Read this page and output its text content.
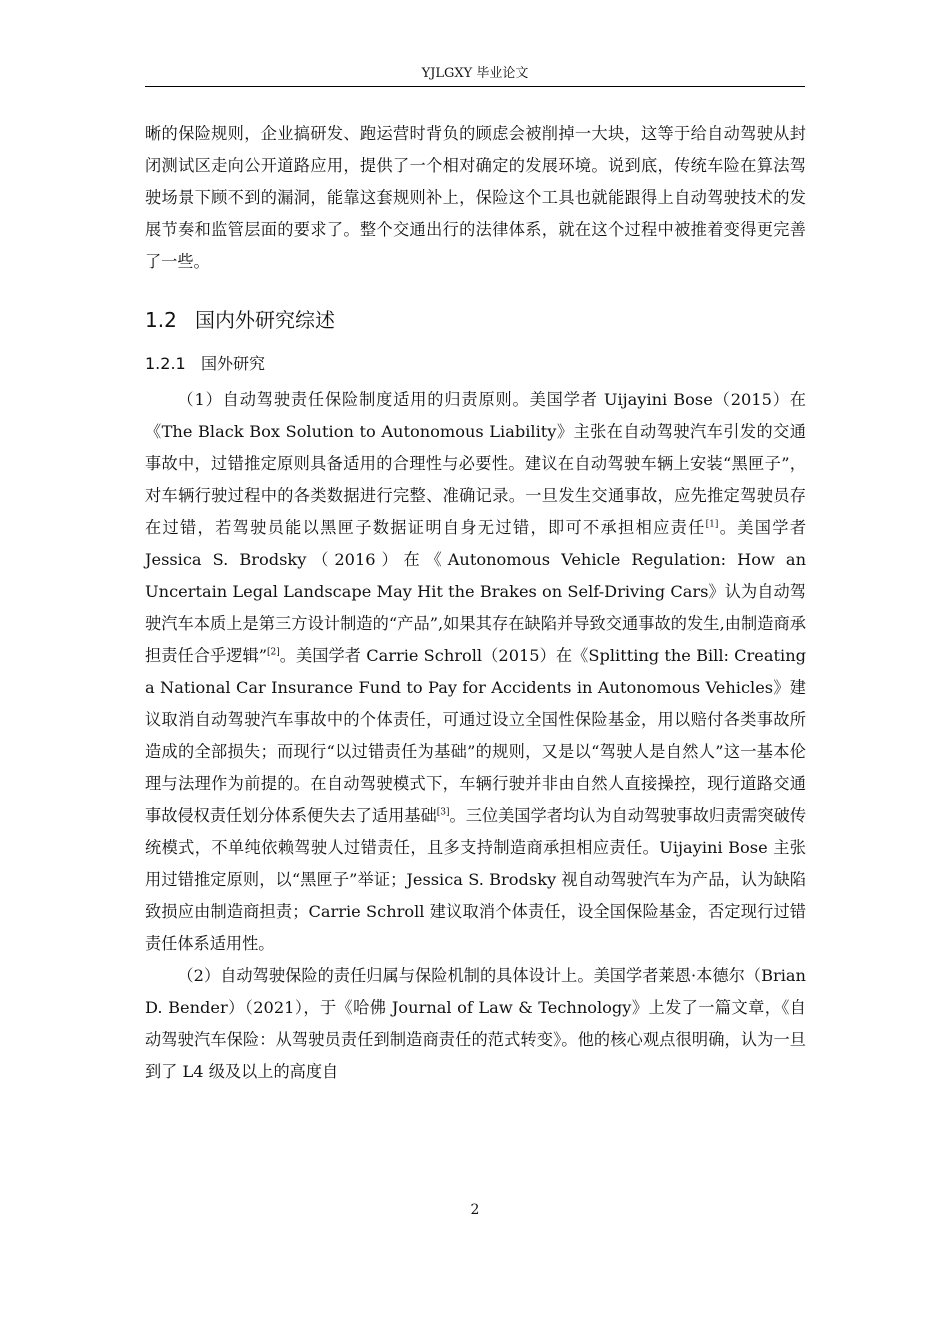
YJLGXY 毕业论文

晰的保险规则，企业搞研发、跑运营时背负的顾虑会被削掉一大块，这等于给自动驾驶从封闭测试区走向公开道路应用，提供了一个相对确定的发展环境。说到底，传统车险在算法驾驶场景下顾不到的漏洞，能靠这套规则补上，保险这个工具也就能跟得上自动驾驶技术的发展节奏和监管层面的要求了。整个交通出行的法律体系，就在这个过程中被推着变得更完善了一些。

1.2 国内外研究综述
1.2.1 国外研究

（1）自动驾驶责任保险制度适用的归责原则。美国学者 Uijayini Bose（2015）在《The Black Box Solution to Autonomous Liability》主张在自动驾驶汽车引发的交通事故中，过错推定原则具备适用的合理性与必要性。建议在自动驾驶车辆上安装“黑匣子”，对车辆行驶过程中的各类数据进行完整、准确记录。一旦发生交通事故，应先推定驾驶员存在过错，若驾驶员能以黑匣子数据证明自身无过错，即可不承担相应责任[1]。美国学者 Jessica S. Brodsky（2016）在《Autonomous Vehicle Regulation: How an Uncertain Legal Landscape May Hit the Brakes on Self-Driving Cars》认为自动驾驶汽车本质上是第三方设计制造的“产品”,如果其存在缺陷并导致交通事故的发生,由制造商承担责任合乎逻辑”[2]。美国学者 Carrie Schroll（2015）在《Splitting the Bill: Creating a National Car Insurance Fund to Pay for Accidents in Autonomous Vehicles》建议取消自动驾驶汽车事故中的个体责任，可通过设立全国性保险基金，用以赔付各类事故所造成的全部损失；而现行“以过错责任为基础”的规则，又是以“驾驶人是自然人”这一基本伦理与法理作为前提的。在自动驾驶模式下，车辆行驶并非由自然人直接操控，现行道路交通事故侵权责任划分体系便失去了适用基础[3]。三位美国学者均认为自动驾驶事故归责需突破传统模式，不单纯依赖驾驶人过错责任，且多支持制造商承担相应责任。Uijayini Bose 主张用过错推定原则，以“黑匣子”举证；Jessica S. Brodsky 视自动驾驶汽车为产品，认为缺陷致损应由制造商担责；Carrie Schroll 建议取消个体责任，设全国保险基金，否定现行过错责任体系适用性。

（2）自动驾驶保险的责任归属与保险机制的具体设计上。美国学者莱恩·本德尔（Brian D. Bender）（2021），于《哈佛 Journal of Law & Technology》上发了一篇文章，《自动驾驶汽车保险：从驾驶员责任到制造商责任的范式转变》。他的核心观点很明确，认为一旦到了 L4 级及以上的高度自

2
